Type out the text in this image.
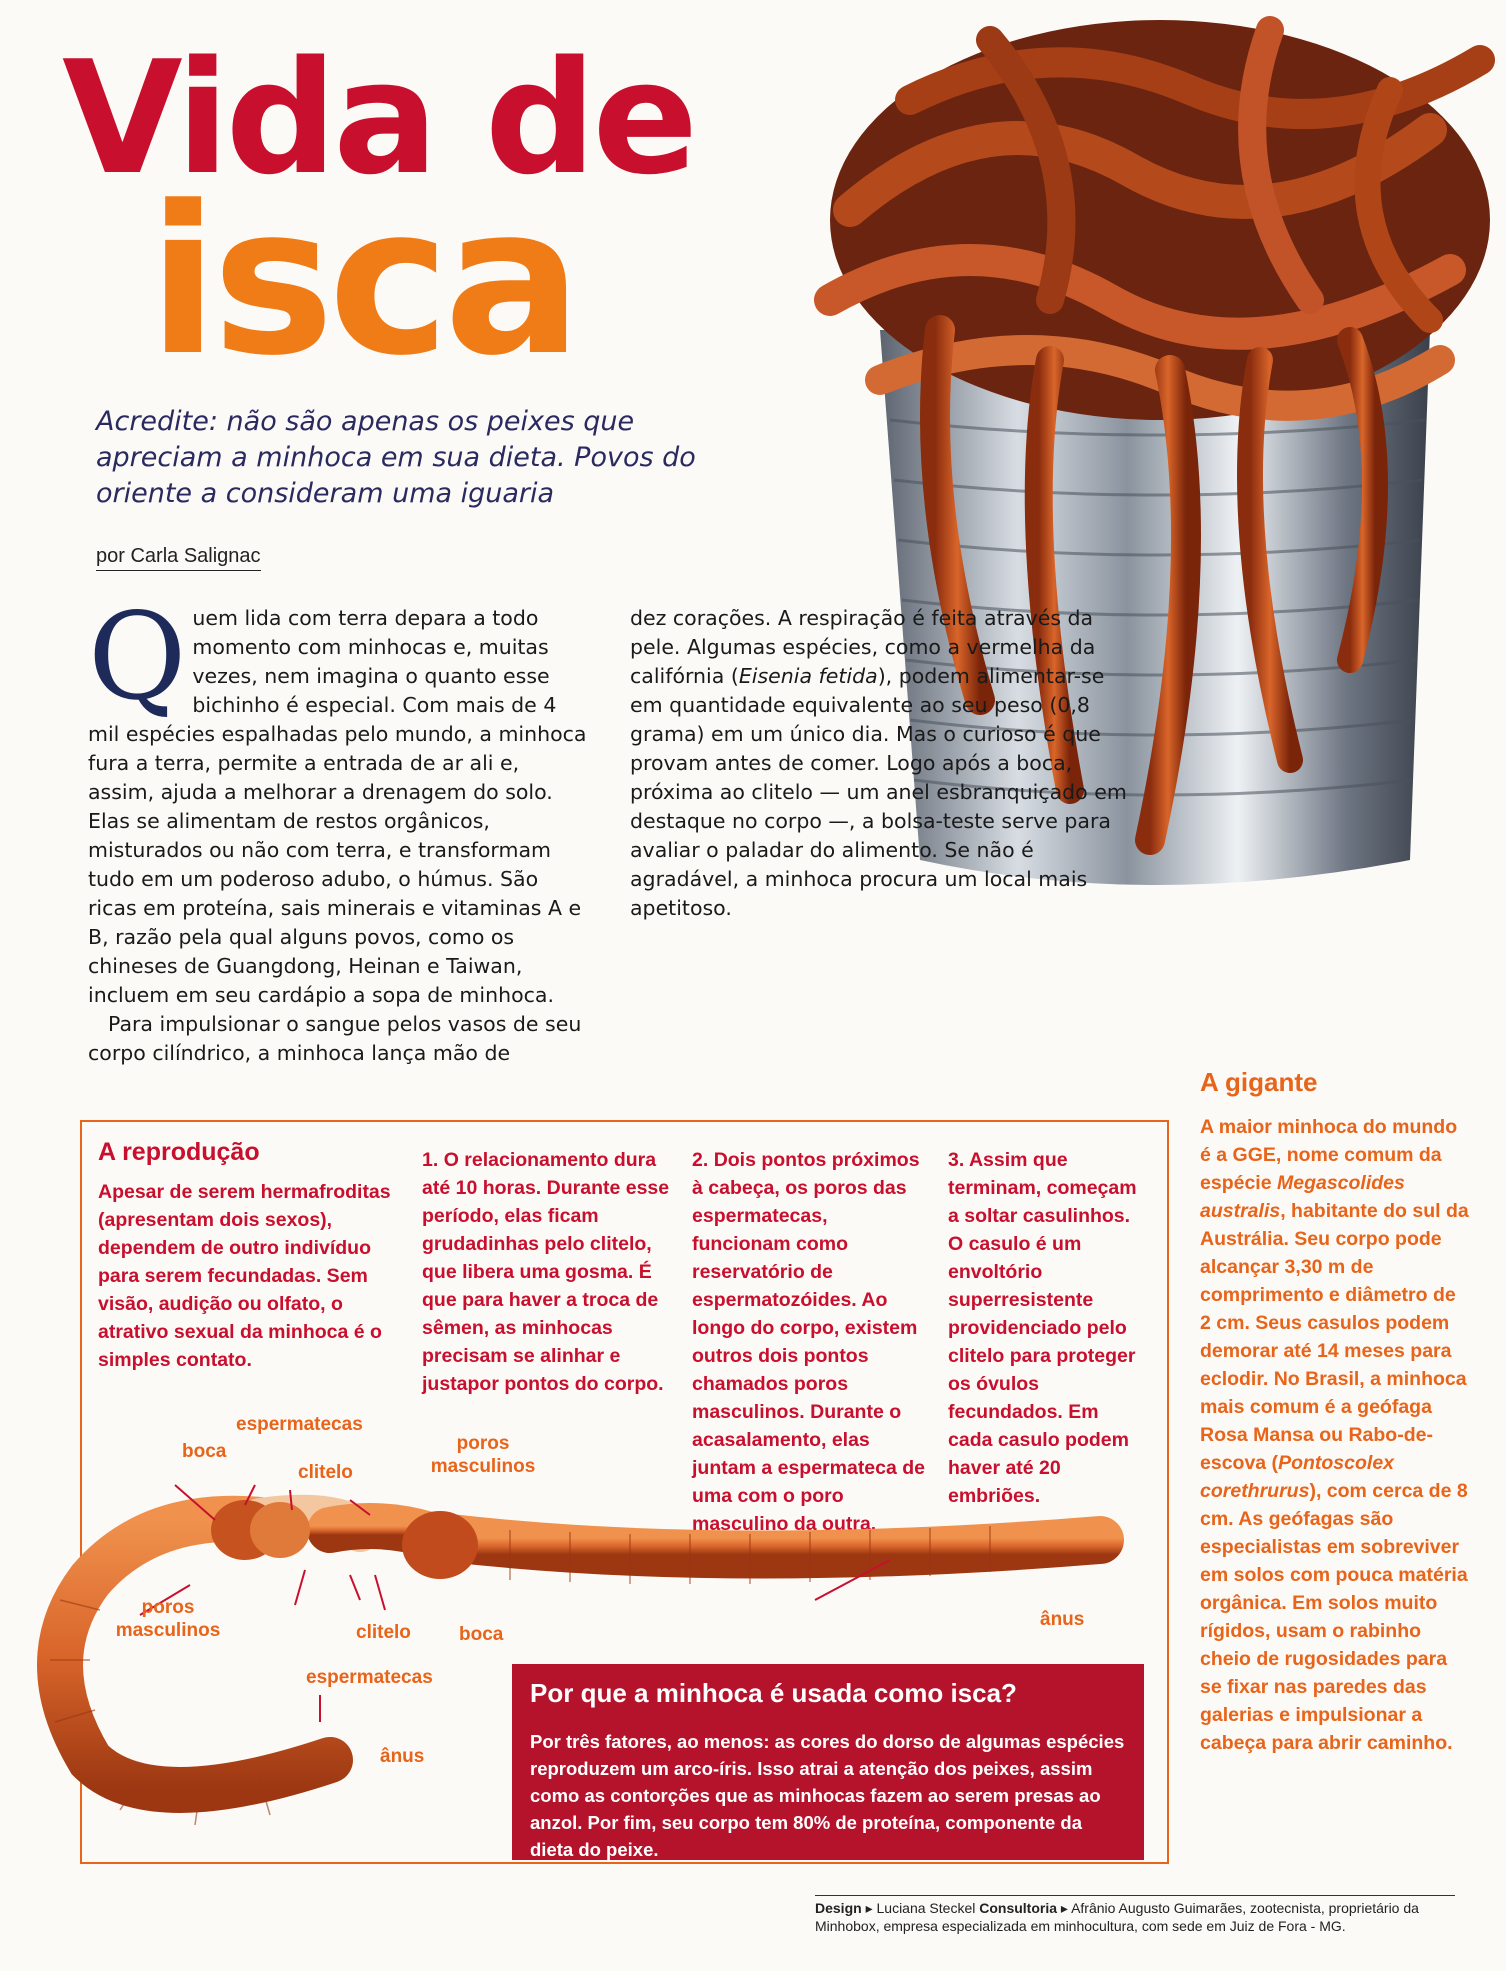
Vida de
isca
Acredite: não são apenas os peixes que apreciam a minhoca em sua dieta. Povos do oriente a consideram uma iguaria
por Carla Salignac

Quem lida com terra depara a todo momento com minhocas e, muitas vezes, nem imagina o quanto esse bichinho é especial. Com mais de 4 mil espécies espalhadas pelo mundo, a minhoca fura a terra, permite a entrada de ar ali e, assim, ajuda a melhorar a drenagem do solo. Elas se alimentam de restos orgânicos, misturados ou não com terra, e transformam tudo em um poderoso adubo, o húmus. São ricas em proteína, sais minerais e vitaminas A e B, razão pela qual alguns povos, como os chineses de Guangdong, Heinan e Taiwan, incluem em seu cardápio a sopa de minhoca.

Para impulsionar o sangue pelos vasos de seu corpo cilíndrico, a minhoca lança mão de

dez corações. A respiração é feita através da pele. Algumas espécies, como a vermelha da califórnia (Eisenia fetida), podem alimentar-se em quantidade equivalente ao seu peso (0,8 grama) em um único dia. Mas o curioso é que provam antes de comer. Logo após a boca, próxima ao clitelo — um anel esbranquiçado em destaque no corpo —, a bolsa-teste serve para avaliar o paladar do alimento. Se não é agradável, a minhoca procura um local mais apetitoso.

A gigante
A maior minhoca do mundo é a GGE, nome comum da espécie Megascolides australis, habitante do sul da Austrália. Seu corpo pode alcançar 3,30 m de comprimento e diâmetro de 2 cm. Seus casulos podem demorar até 14 meses para eclodir. No Brasil, a minhoca mais comum é a geófaga Rosa Mansa ou Rabo-de-escova (Pontoscolex corethrurus), com cerca de 8 cm. As geófagas são especialistas em sobreviver em solos com pouca matéria orgânica. Em solos muito rígidos, usam o rabinho cheio de rugosidades para se fixar nas paredes das galerias e impulsionar a cabeça para abrir caminho.
A reprodução
Apesar de serem hermafroditas (apresentam dois sexos), dependem de outro indivíduo para serem fecundadas. Sem visão, audição ou olfato, o atrativo sexual da minhoca é o simples contato.
1. O relacionamento dura até 10 horas. Durante esse período, elas ficam grudadinhas pelo clitelo, que libera uma gosma. É que para haver a troca de sêmen, as minhocas precisam se alinhar e justapor pontos do corpo.
2. Dois pontos próximos à cabeça, os poros das espermatecas, funcionam como reservatório de espermatozóides. Ao longo do corpo, existem outros dois pontos chamados poros masculinos. Durante o acasalamento, elas juntam a espermateca de uma com o poro masculino da outra.
3. Assim que terminam, começam a soltar casulinhos. O casulo é um envoltório superresistente providenciado pelo clitelo para proteger os óvulos fecundados. Em cada casulo podem haver até 20 embriões.
espermatecas
boca
clitelo
poros masculinos
poros masculinos	clitelo	boca
espermatecas
ânus
ânus
Por que a minhoca é usada como isca?
Por três fatores, ao menos: as cores do dorso de algumas espécies reproduzem um arco-íris. Isso atrai a atenção dos peixes, assim como as contorções que as minhocas fazem ao serem presas ao anzol. Por fim, seu corpo tem 80% de proteína, componente da dieta do peixe.
Design ▸ Luciana Steckel Consultoria ▸ Afrânio Augusto Guimarães, zootecnista, proprietário da Minhobox, empresa especializada em minhocultura, com sede em Juiz de Fora - MG.
